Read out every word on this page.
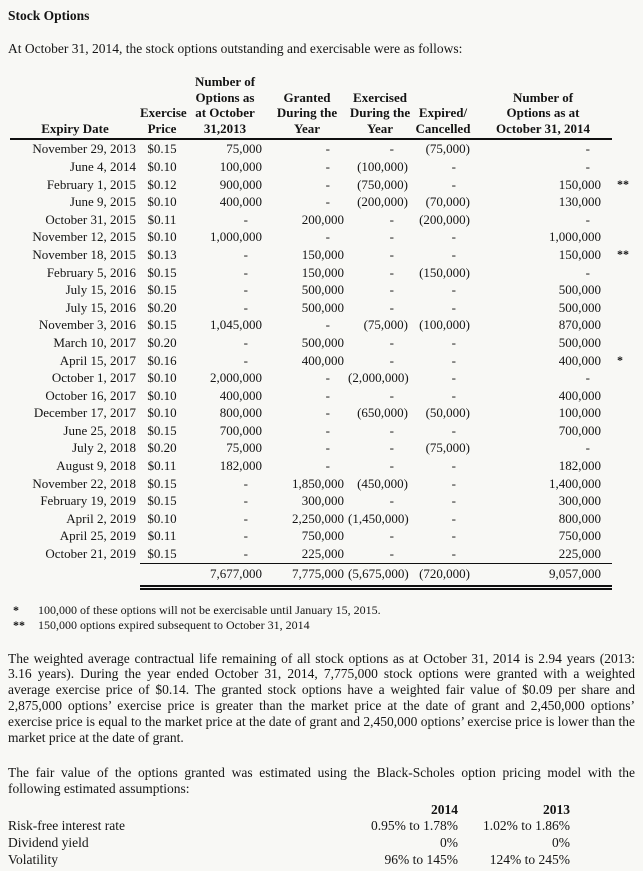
Stock Options
At October 31, 2014, the stock options outstanding and exercisable were as follows:
Expiry Date

Exercise
Price

Number of
Options as
at October
31,2013

Granted
During the
Year

Exercised
During the
Year

Expired/
Cancelled

Number of
Options as at
October 31, 2014

November 29, 2013	$0.15	75,000	-	-	(75,000)	-	
June 4, 2014	$0.10	100,000	-	(100,000)	-	-	
February 1, 2015	$0.12	900,000	-	(750,000)	-	150,000	**
June 9, 2015	$0.10	400,000	-	(200,000)	(70,000)	130,000	
October 31, 2015	$0.11	-	200,000	-	(200,000)	-	
November 12, 2015	$0.10	1,000,000	-	-	-	1,000,000	
November 18, 2015	$0.13	-	150,000	-	-	150,000	**
February 5, 2016	$0.15	-	150,000	-	(150,000)	-	
July 15, 2016	$0.15	-	500,000	-	-	500,000	
July 15, 2016	$0.20	-	500,000	-	-	500,000	
November 3, 2016	$0.15	1,045,000	-	(75,000)	(100,000)	870,000	
March 10, 2017	$0.20	-	500,000	-	-	500,000	
April 15, 2017	$0.16	-	400,000	-	-	400,000	*
October 1, 2017	$0.10	2,000,000	-	(2,000,000)	-	-	
October 16, 2017	$0.10	400,000	-	-	-	400,000	
December 17, 2017	$0.10	800,000	-	(650,000)	(50,000)	100,000	
June 25, 2018	$0.15	700,000	-	-	-	700,000	
July 2, 2018	$0.20	75,000	-	-	(75,000)	-	
August 9, 2018	$0.11	182,000	-	-	-	182,000	
November 22, 2018	$0.15	-	1,850,000	(450,000)	-	1,400,000	
February 19, 2019	$0.15	-	300,000	-	-	300,000	
April 2, 2019	$0.10	-	2,250,000	(1,450,000)	-	800,000	
April 25, 2019	$0.11	-	750,000	-	-	750,000	
October 21, 2019	$0.15	-	225,000	-	-	225,000	
		7,677,000	7,775,000	(5,675,000)	(720,000)	9,057,000	
*	100,000 of these options will not be exercisable until January 15, 2015.
**	150,000 options expired subsequent to October 31, 2014
The weighted average contractual life remaining of all stock options as at October 31, 2014 is 2.94 years (2013: 3.16 years). During the year ended October 31, 2014, 7,775,000 stock options were granted with a weighted average exercise price of $0.14. The granted stock options have a weighted fair value of $0.09 per share and 2,875,000 options’ exercise price is greater than the market price at the date of grant and 2,450,000 options’ exercise price is equal to the market price at the date of grant and 2,450,000 options’ exercise price is lower than the market price at the date of grant.
The fair value of the options granted was estimated using the Black-Scholes option pricing model with the following estimated assumptions:
	2014	2013
Risk-free interest rate	0.95% to 1.78%	1.02% to 1.86%
Dividend yield	0%	0%
Volatility	96% to 145%	124% to 245%
